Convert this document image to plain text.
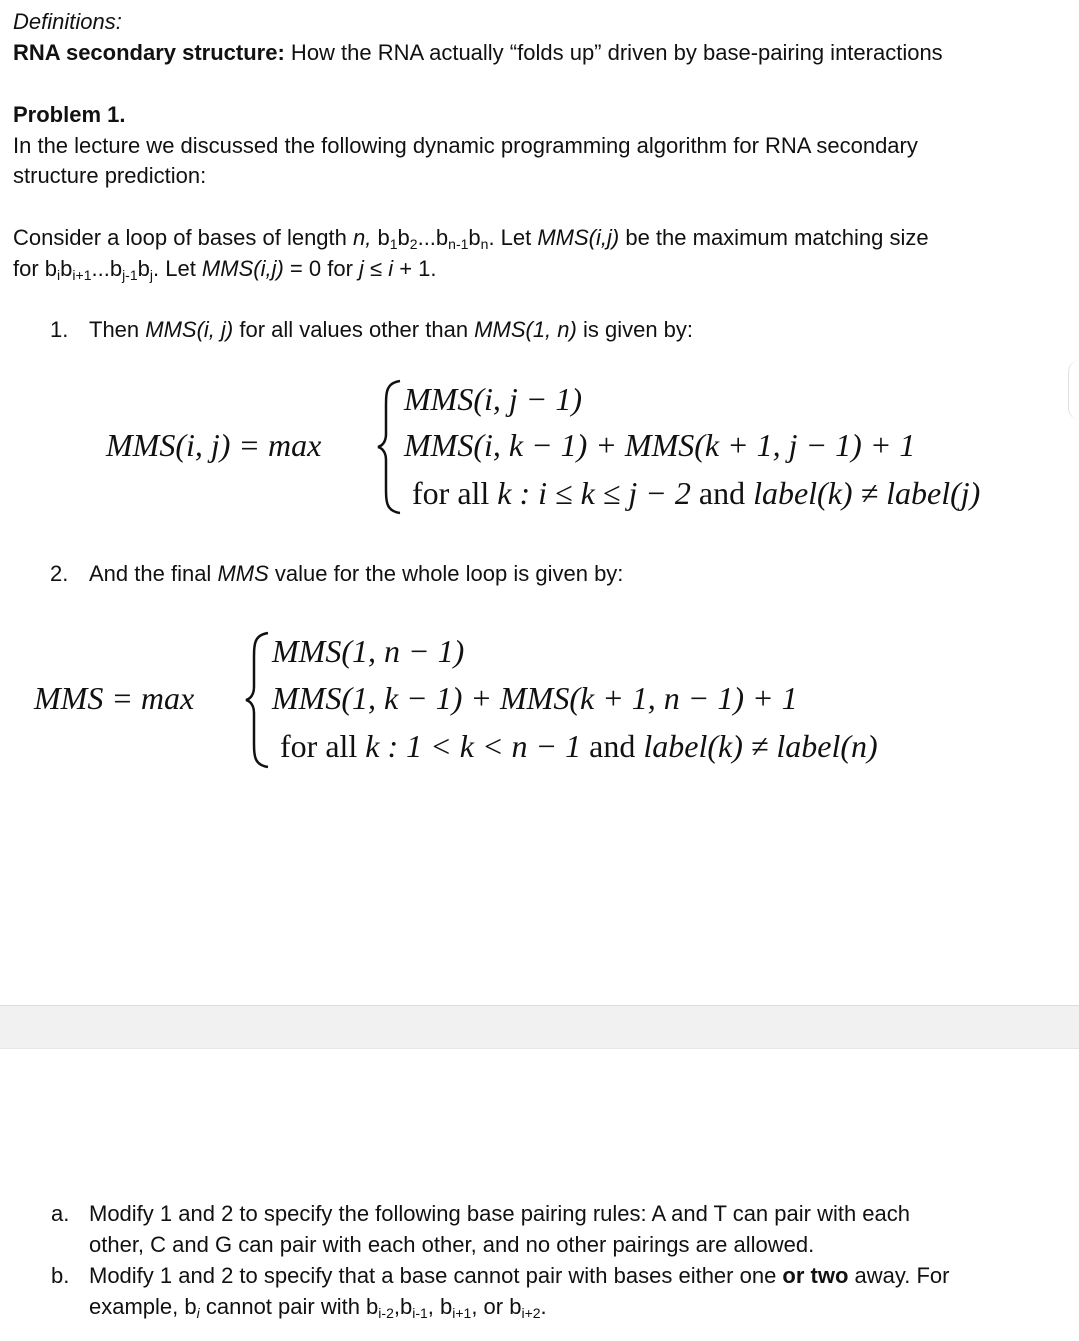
Definitions:
RNA secondary structure: How the RNA actually “folds up” driven by base-pairing interactions
Problem 1.
In the lecture we discussed the following dynamic programming algorithm for RNA secondary
structure prediction:
Consider a loop of bases of length n, $b_1b_2...b_{n-1}b_n$. Let MMS(i,j) be the maximum matching size
for $b_ib_{i+1}...b_{j-1}b_j$. Let MMS(i,j) = 0 for j ≤ i + 1.
1. Then MMS(i, j) for all values other than MMS(1, n) is given by:
MMS(i, j) = max
MMS(i, j − 1)
MMS(i, k − 1) + MMS(k + 1, j − 1) + 1
for all k : i ≤ k ≤ j − 2 and label(k) ≠ label(j)
2. And the final MMS value for the whole loop is given by:
MMS = max
MMS(1, n − 1)
MMS(1, k − 1) + MMS(k + 1, n − 1) + 1
for all k : 1 < k < n − 1 and label(k) ≠ label(n)
a. Modify 1 and 2 to specify the following base pairing rules: A and T can pair with each
other, C and G can pair with each other, and no other pairings are allowed.
b. Modify 1 and 2 to specify that a base cannot pair with bases either one or two away. For
example, $b_i$ cannot pair with $b_{i-2},b_{i-1}$, $b_{i+1}$, or $b_{i+2}$.
